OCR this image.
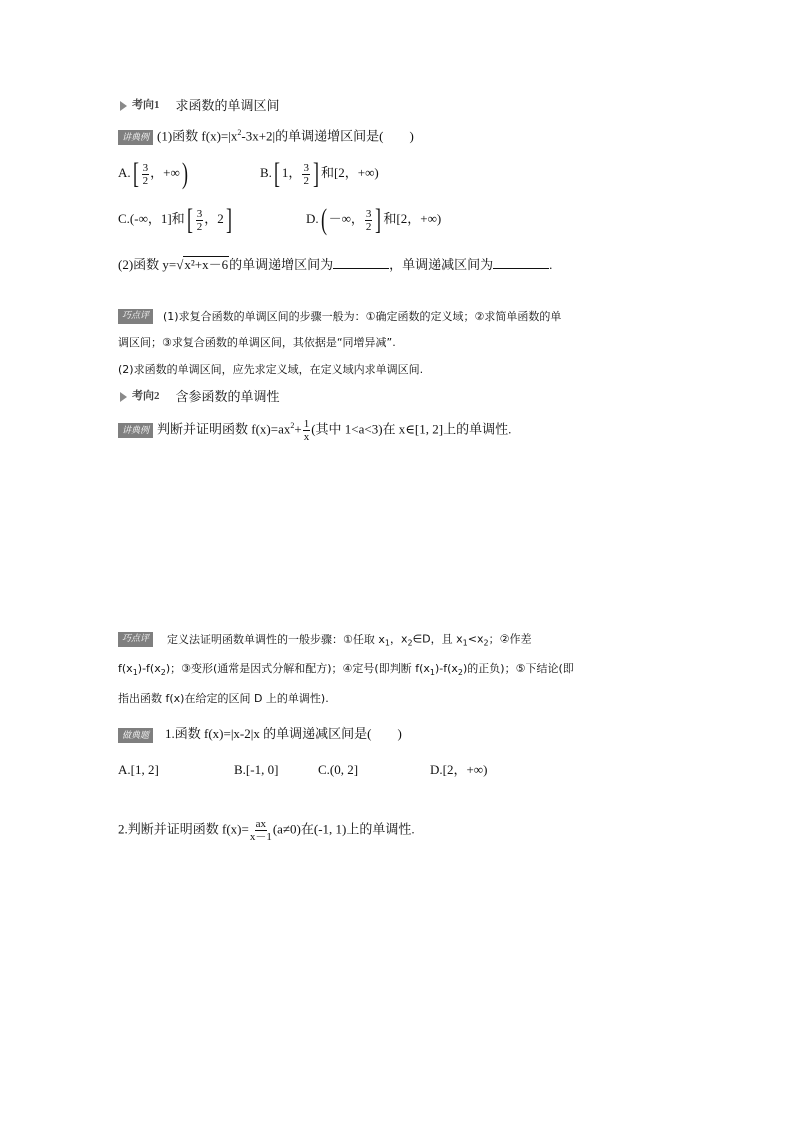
考向1 求函数的单调区间
讲典例 (1)函数 $f(x)=|x^2-3x+2|$的单调递增区间是(　　)
$A.[ \frac{3}{2}$ ，+∞)	B.[ 1， $\frac{3}{2}$ ] 和[2，+∞)
C.(-∞，1]和[ $\frac{3}{2}$ ，2]	D.( －∞， $\frac{3}{2}$ ] 和[2，+∞)
(2)函数 y=√x²+x－6的单调递增区间为	，单调递减区间为	.
巧点评 (1)求复合函数的单调区间的步骤一般为：①确定函数的定义域；②求简单函数的单
调区间；③求复合函数的单调区间，其依据是“同增异减”.
(2)求函数的单调区间，应先求定义域，在定义域内求单调区间.
考向2 含参函数的单调性
讲典例 判断并证明函数 $f(x)=ax^2+ \frac{1}{x}$ (其中 1<a<3)在 x∈[1, 2]上的单调性.
巧点评 定义法证明函数单调性的一般步骤：①任取 $x_1$，$x_2\in D$，且 $x_1<x_2$；②作差
$f(x_1)-f(x_2)$；③变形(通常是因式分解和配方)；④定号(即判断 $f(x_1)-f(x_2)$的正负)；⑤下结论(即
指出函数 f(x)在给定的区间 D 上的单调性).
做典题 1.函数 f(x)=|x-2|x 的单调递减区间是(　　)
A.[1, 2]	B.[-1, 0]	C.(0, 2]	D.[2，+∞)
2.判断并证明函数 $f(x)= \frac{ax}{x-1} (a\ne 0)$在(-1, 1)上的单调性.
